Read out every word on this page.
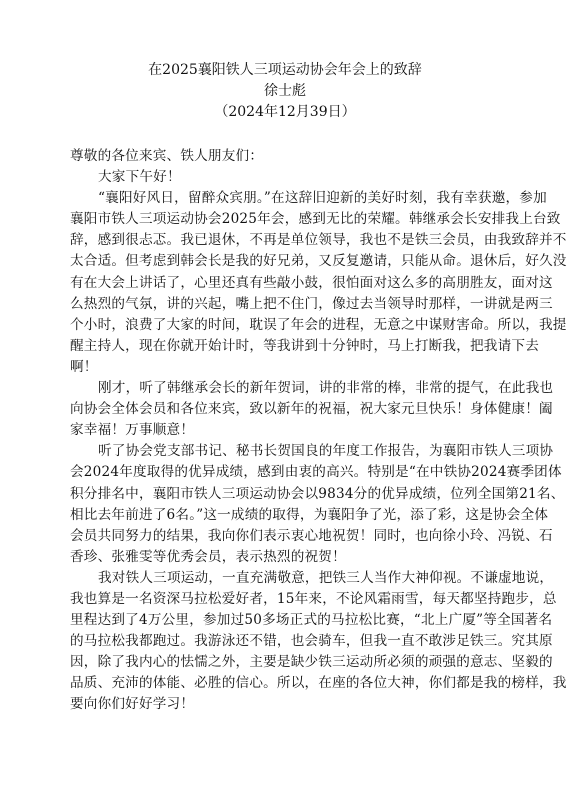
在2025襄阳铁人三项运动协会年会上的致辞
徐士彪
（2024年12月39日）
尊敬的各位来宾、铁人朋友们：
大家下午好！
“襄阳好风日，留醉众宾朋。”在这辞旧迎新的美好时刻，我有幸获邀，参加
襄阳市铁人三项运动协会2025年会，感到无比的荣耀。韩继承会长安排我上台致
辞，感到很忐忑。我已退休，不再是单位领导，我也不是铁三会员，由我致辞并不
太合适。但考虑到韩会长是我的好兄弟，又反复邀请，只能从命。退休后，好久没
有在大会上讲话了，心里还真有些敲小鼓，很怕面对这么多的高朋胜友，面对这
么热烈的气氛，讲的兴起，嘴上把不住门，像过去当领导时那样，一讲就是两三
个小时，浪费了大家的时间，耽误了年会的进程，无意之中谋财害命。所以，我提
醒主持人，现在你就开始计时，等我讲到十分钟时，马上打断我，把我请下去
啊！
刚才，听了韩继承会长的新年贺词，讲的非常的棒，非常的提气，在此我也
向协会全体会员和各位来宾，致以新年的祝福，祝大家元旦快乐！身体健康！阖
家幸福！万事顺意！
听了协会党支部书记、秘书长贺国良的年度工作报告，为襄阳市铁人三项协
会2024年度取得的优异成绩，感到由衷的高兴。特别是“在中铁协2024赛季团体
积分排名中，襄阳市铁人三项运动协会以9834分的优异成绩，位列全国第21名、
相比去年前进了6名。”这一成绩的取得，为襄阳争了光，添了彩，这是协会全体
会员共同努力的结果，我向你们表示衷心地祝贺！同时，也向徐小玲、冯锐、石
香珍、张雅雯等优秀会员，表示热烈的祝贺！
我对铁人三项运动，一直充满敬意，把铁三人当作大神仰视。不谦虚地说，
我也算是一名资深马拉松爱好者，15年来，不论风霜雨雪，每天都坚持跑步，总
里程达到了4万公里，参加过50多场正式的马拉松比赛，“北上广厦”等全国著名
的马拉松我都跑过。我游泳还不错，也会骑车，但我一直不敢涉足铁三。究其原
因，除了我内心的怯懦之外，主要是缺少铁三运动所必须的顽强的意志、坚毅的
品质、充沛的体能、必胜的信心。所以，在座的各位大神，你们都是我的榜样，我
要向你们好好学习！
